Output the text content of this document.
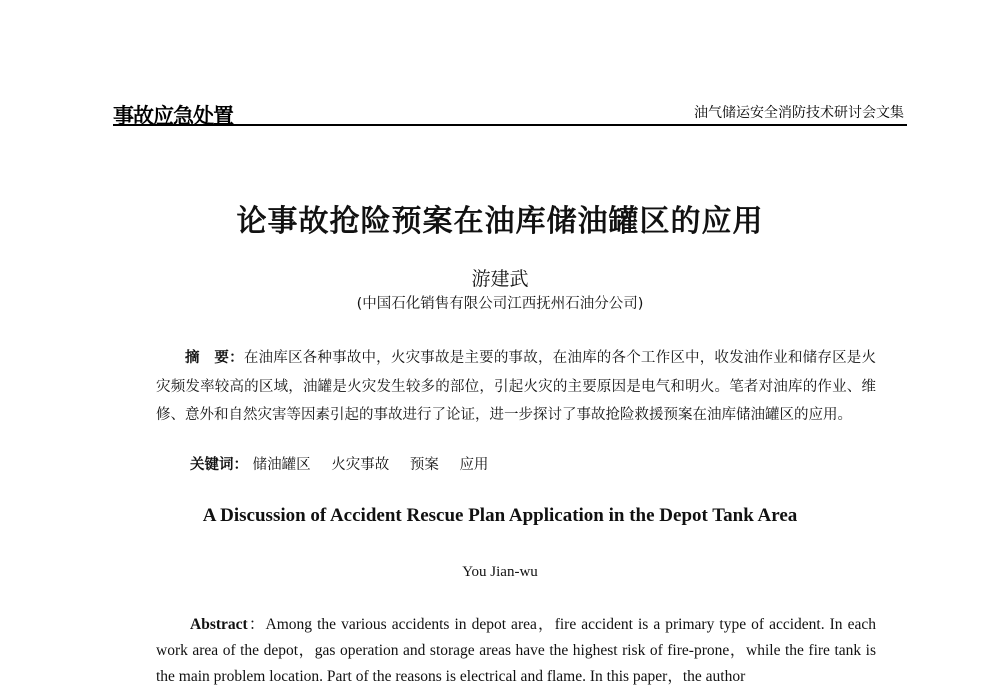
事故应急处置	油气储运安全消防技术研讨会文集
论事故抢险预案在油库储油罐区的应用
游建武
(中国石化销售有限公司江西抚州石油分公司)

摘　要：在油库区各种事故中，火灾事故是主要的事故，在油库的各个工作区中，收发油作业和储存区是火灾频发率较高的区域，油罐是火灾发生较多的部位，引起火灾的主要原因是电气和明火。笔者对油库的作业、维修、意外和自然灾害等因素引起的事故进行了论证，进一步探讨了事故抢险救援预案在油库储油罐区的应用。

关键词： 储油罐区 火灾事故 预案 应用
A Discussion of Accident Rescue Plan Application in the Depot Tank Area
You Jian-wu

Abstract：Among the various accidents in depot area，fire accident is a primary type of accident. In each work area of the depot，gas operation and storage areas have the highest risk of fire-prone，while the fire tank is the main problem location. Part of the reasons is electrical and flame. In this paper，the author
